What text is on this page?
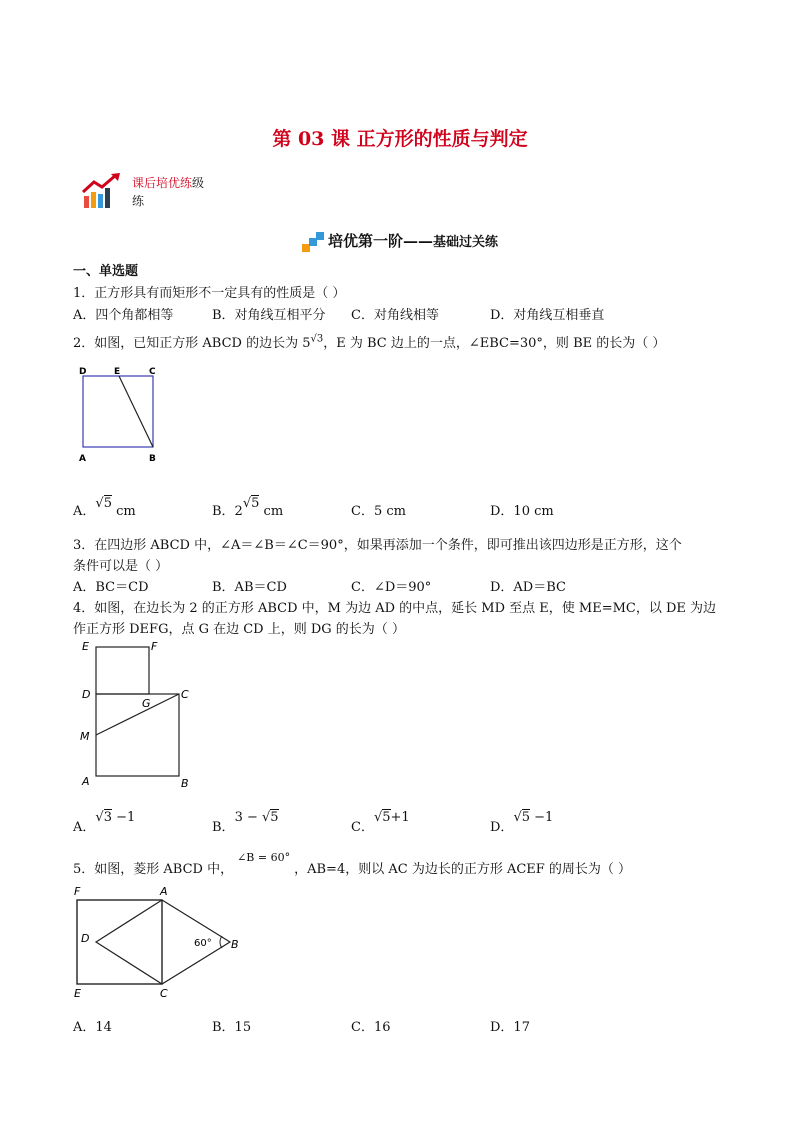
第 03 课 正方形的性质与判定
课后培优练级
练
培优第一阶——基础过关练
一、单选题
1．正方形具有而矩形不一定具有的性质是（ ）
A．四个角都相等	B．对角线互相平分 C．对角线相等	D．对角线互相垂直
2．如图，已知正方形 ABCD 的边长为 $5^{√3}$，E 为 BC 边上的一点，∠EBC=30°，则 BE 的长为（ ）
D	E	C
A	B
A．√5 cm	B．2√5 cm	C．5 cm	D．10 cm
3．在四边形 ABCD 中，∠A＝∠B＝∠C＝90°，如果再添加一个条件，即可推出该四边形是正方形，这个
条件可以是（ ）
A．BC＝CD	B．AB＝CD	C．∠D＝90°	D．AD＝BC
4．如图，在边长为 2 的正方形 ABCD 中，M 为边 AD 的中点，延长 MD 至点 E，使 ME=MC，以 DE 为边
作正方形 DEFG，点 G 在边 CD 上，则 DG 的长为（ ）
E	F
D
G
C
M
A	B
A．√3 −1
B．3 − √5
C．√5+1
D．√5 −1
5．如图，菱形 ABCD 中，$^{\angle B = 60^\circ}$，AB=4，则以 AC 为边长的正方形 ACEF 的周长为（ ）
F	A
D	60° B
E	C
A．14	B．15	C．16	D．17
